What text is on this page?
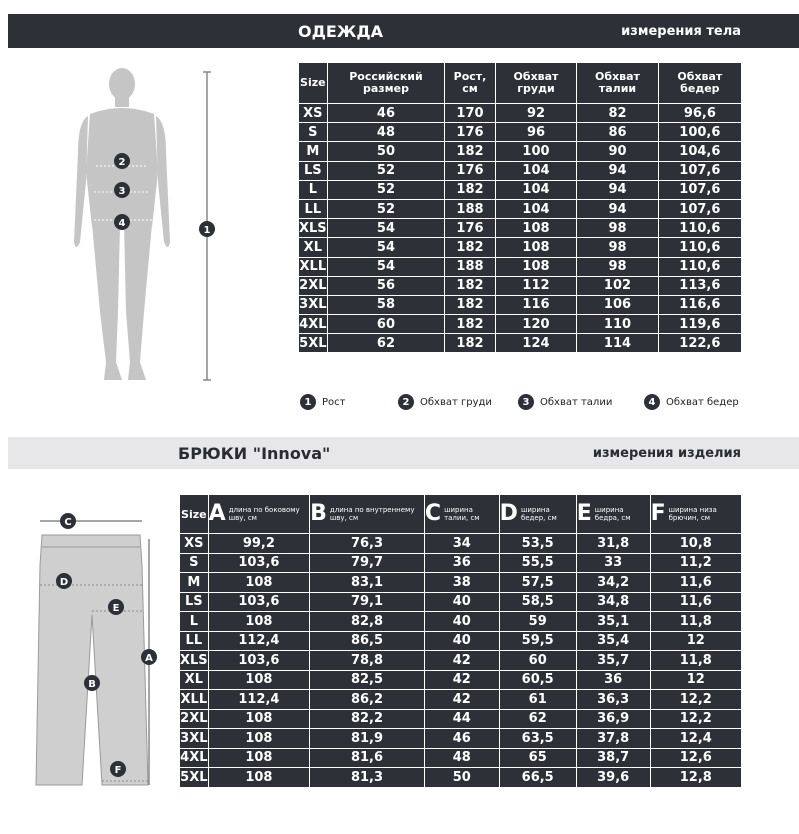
ОДЕЖДА	измерения тела
2
3
4
1
Size	Российский размер	Рост, см	Обхват груди	Обхват талии	Обхват бедер
XS	46	170	92	82	96,6
S	48	176	96	86	100,6
M	50	182	100	90	104,6
LS	52	176	104	94	107,6
L	52	182	104	94	107,6
LL	52	188	104	94	107,6
XLS	54	176	108	98	110,6
XL	54	182	108	98	110,6
XLL	54	188	108	98	110,6
2XL	56	182	112	102	113,6
3XL	58	182	116	106	116,6
4XL	60	182	120	110	119,6
5XL	62	182	124	114	122,6
1	Рост	2	Обхват груди	3	Обхват талии	4	Обхват бедер
БРЮКИ "Innova"	измерения изделия
C
D
E
A
B
F
Size	A длина по боковому шву, см	B длина по внутреннему шву, см	C ширина талии, см	D ширина бедер, см	E ширина бедра, см	F ширина низа брючин, см

XS	99,2	76,3	34	53,5	31,8	10,8
S	103,6	79,7	36	55,5	33	11,2
M	108	83,1	38	57,5	34,2	11,6
LS	103,6	79,1	40	58,5	34,8	11,6
L	108	82,8	40	59	35,1	11,8
LL	112,4	86,5	40	59,5	35,4	12
XLS	103,6	78,8	42	60	35,7	11,8
XL	108	82,5	42	60,5	36	12
XLL	112,4	86,2	42	61	36,3	12,2
2XL	108	82,2	44	62	36,9	12,2
3XL	108	81,9	46	63,5	37,8	12,4
4XL	108	81,6	48	65	38,7	12,6
5XL	108	81,3	50	66,5	39,6	12,8
